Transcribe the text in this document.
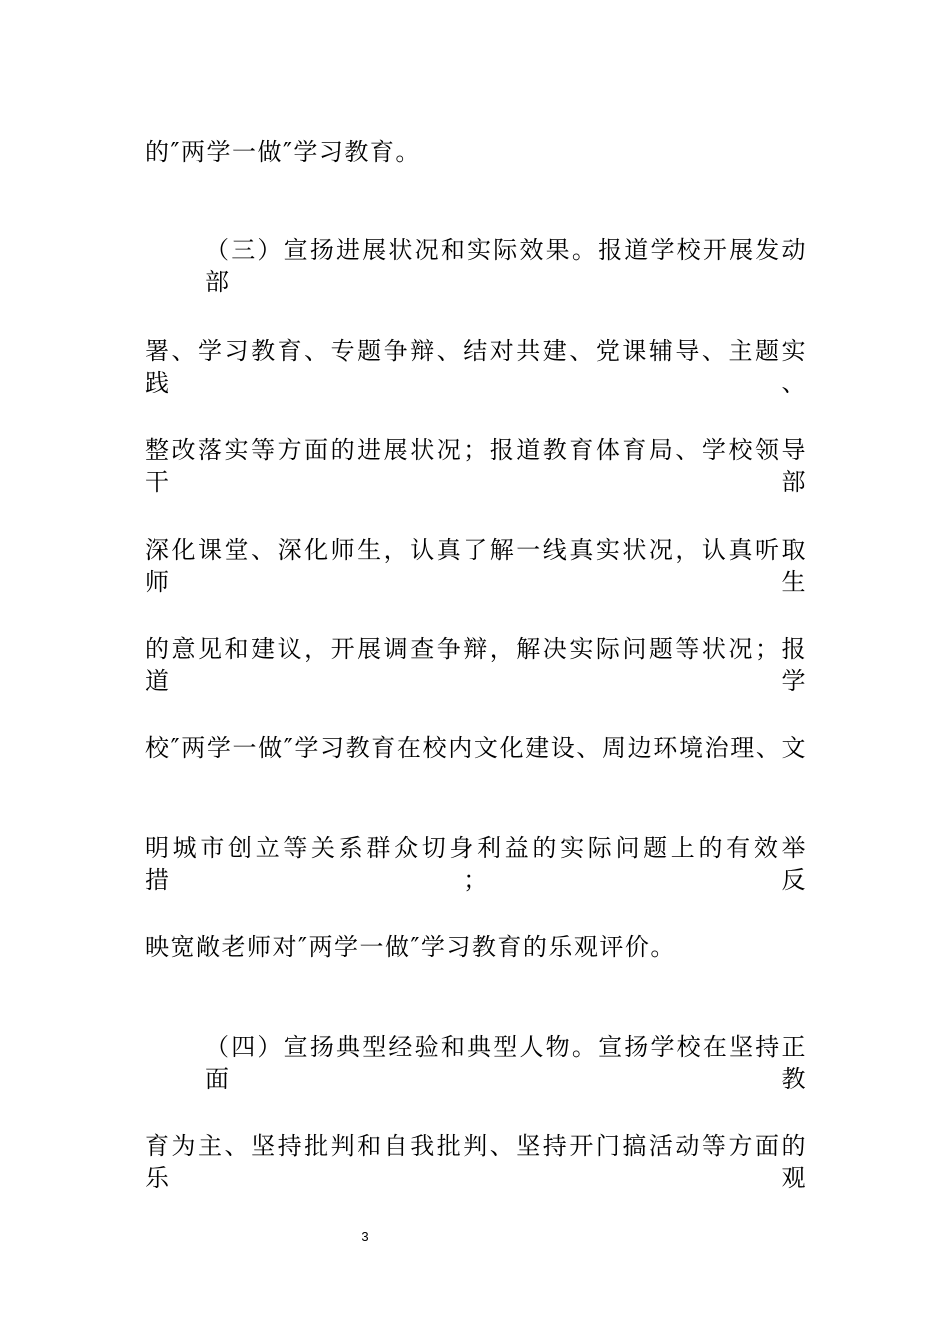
的″两学一做″学习教育。
（三）宣扬进展状况和实际效果。报道学校开展发动部
署、学习教育、专题争辩、结对共建、党课辅导、主题实践、
整改落实等方面的进展状况；报道教育体育局、学校领导干部
深化课堂、深化师生，认真了解一线真实状况，认真听取师生
的意见和建议，开展调查争辩，解决实际问题等状况；报道学
校″两学一做″学习教育在校内文化建设、周边环境治理、文
明城市创立等关系群众切身利益的实际问题上的有效举措；反
映宽敞老师对″两学一做″学习教育的乐观评价。
（四）宣扬典型经验和典型人物。宣扬学校在坚持正面教
育为主、坚持批判和自我批判、坚持开门搞活动等方面的乐观
3
